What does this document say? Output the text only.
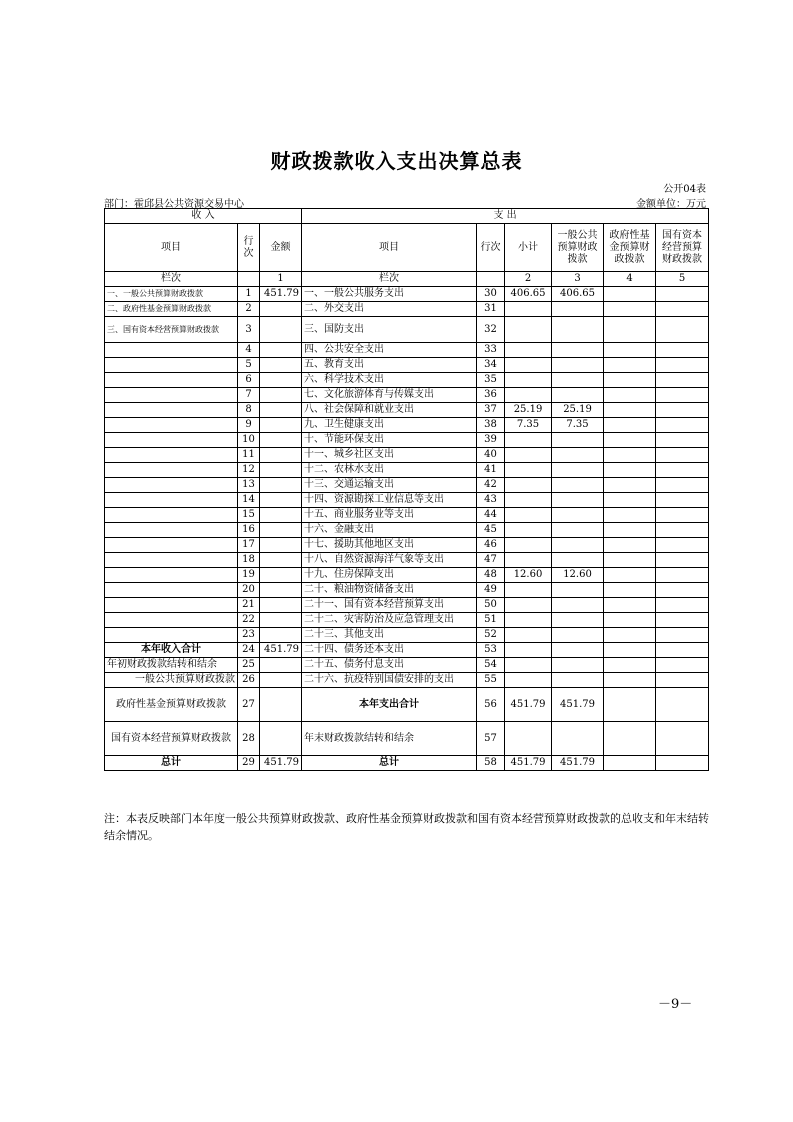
财政拨款收入支出决算总表
公开04表
部门：霍邱县公共资源交易中心	金额单位：万元
收 入			支 出					
项目	行次	金额	项目	行次	小计	一般公共预算财政拨款	政府性基金预算财政拨款	国有资本经营预算财政拨款
栏次		1	栏次		2	3	4	5
一、一般公共预算财政拨款	1	451.79	一、一般公共服务支出	30	406.65	406.65		
二、政府性基金预算财政拨款	2		二、外交支出	31				
三、国有资本经营预算财政拨款	3		三、国防支出	32				
	4		四、公共安全支出	33				
	5		五、教育支出	34				
	6		六、科学技术支出	35				
	7		七、文化旅游体育与传媒支出	36				
	8		八、社会保障和就业支出	37	25.19	25.19		
	9		九、卫生健康支出	38	7.35	7.35		
	10		十、节能环保支出	39				
	11		十一、城乡社区支出	40				
	12		十二、农林水支出	41				
	13		十三、交通运输支出	42				
	14		十四、资源勘探工业信息等支出	43				
	15		十五、商业服务业等支出	44				
	16		十六、金融支出	45				
	17		十七、援助其他地区支出	46				
	18		十八、自然资源海洋气象等支出	47				
	19		十九、住房保障支出	48	12.60	12.60		
	20		二十、粮油物资储备支出	49				
	21		二十一、国有资本经营预算支出	50				
	22		二十二、灾害防治及应急管理支出	51				
	23		二十三、其他支出	52				
本年收入合计	24	451.79	二十四、债务还本支出	53				
年初财政拨款结转和结余	25		二十五、债务付息支出	54				
一般公共预算财政拨款	26		二十六、抗疫特别国债安排的支出	55				
政府性基金预算财政拨款	27		本年支出合计	56	451.79	451.79		
国有资本经营预算财政拨款	28		年末财政拨款结转和结余	57				
总计	29	451.79	总计	58	451.79	451.79		
注：本表反映部门本年度一般公共预算财政拨款、政府性基金预算财政拨款和国有资本经营预算财政拨款的总收支和年末结转结余情况。
－9－
